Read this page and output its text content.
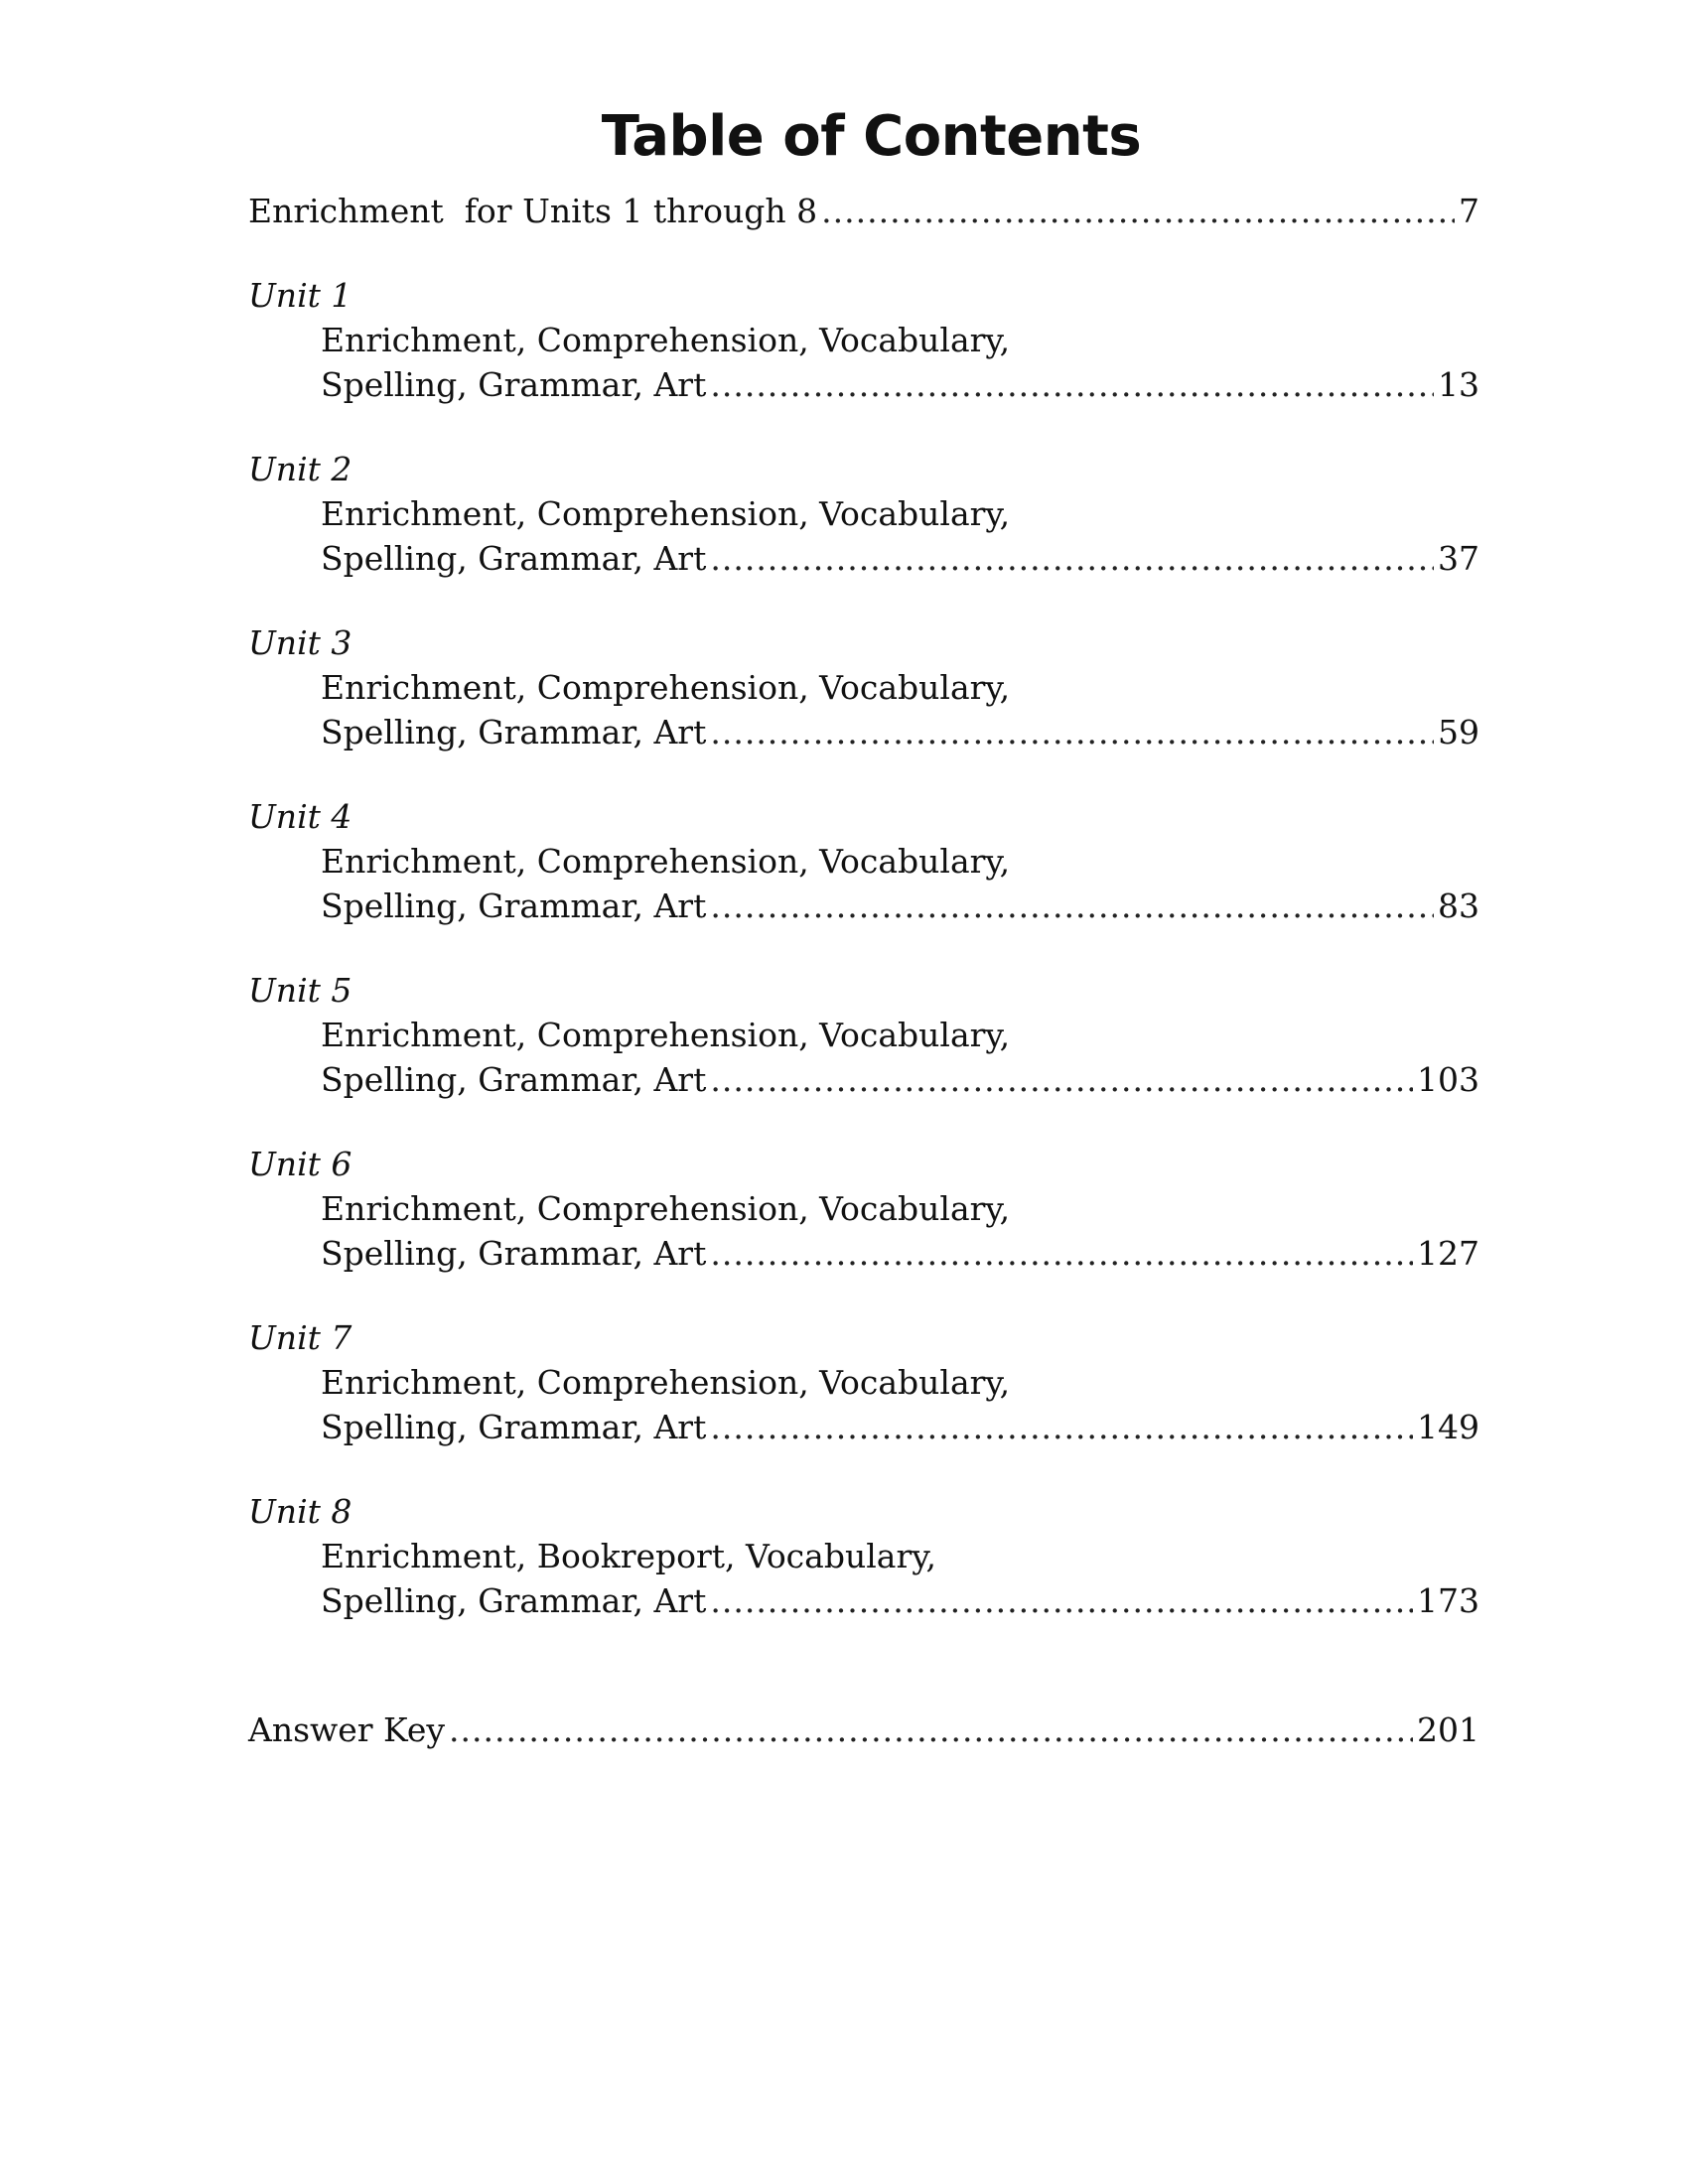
Table of Contents
Enrichment  for Units 1 through 8 .....	7
Unit 1
Enrichment, Comprehension, Vocabulary,
Spelling, Grammar, Art .....	13
Unit 2
Enrichment, Comprehension, Vocabulary,
Spelling, Grammar, Art .....	37
Unit 3
Enrichment, Comprehension, Vocabulary,
Spelling, Grammar, Art .....	59
Unit 4
Enrichment, Comprehension, Vocabulary,
Spelling, Grammar, Art .....	83
Unit 5
Enrichment, Comprehension, Vocabulary,
Spelling, Grammar, Art .....	103
Unit 6
Enrichment, Comprehension, Vocabulary,
Spelling, Grammar, Art .....	127
Unit 7
Enrichment, Comprehension, Vocabulary,
Spelling, Grammar, Art .....	149
Unit 8
Enrichment, Bookreport, Vocabulary,
Spelling, Grammar, Art .....	173
Answer Key .....	201
